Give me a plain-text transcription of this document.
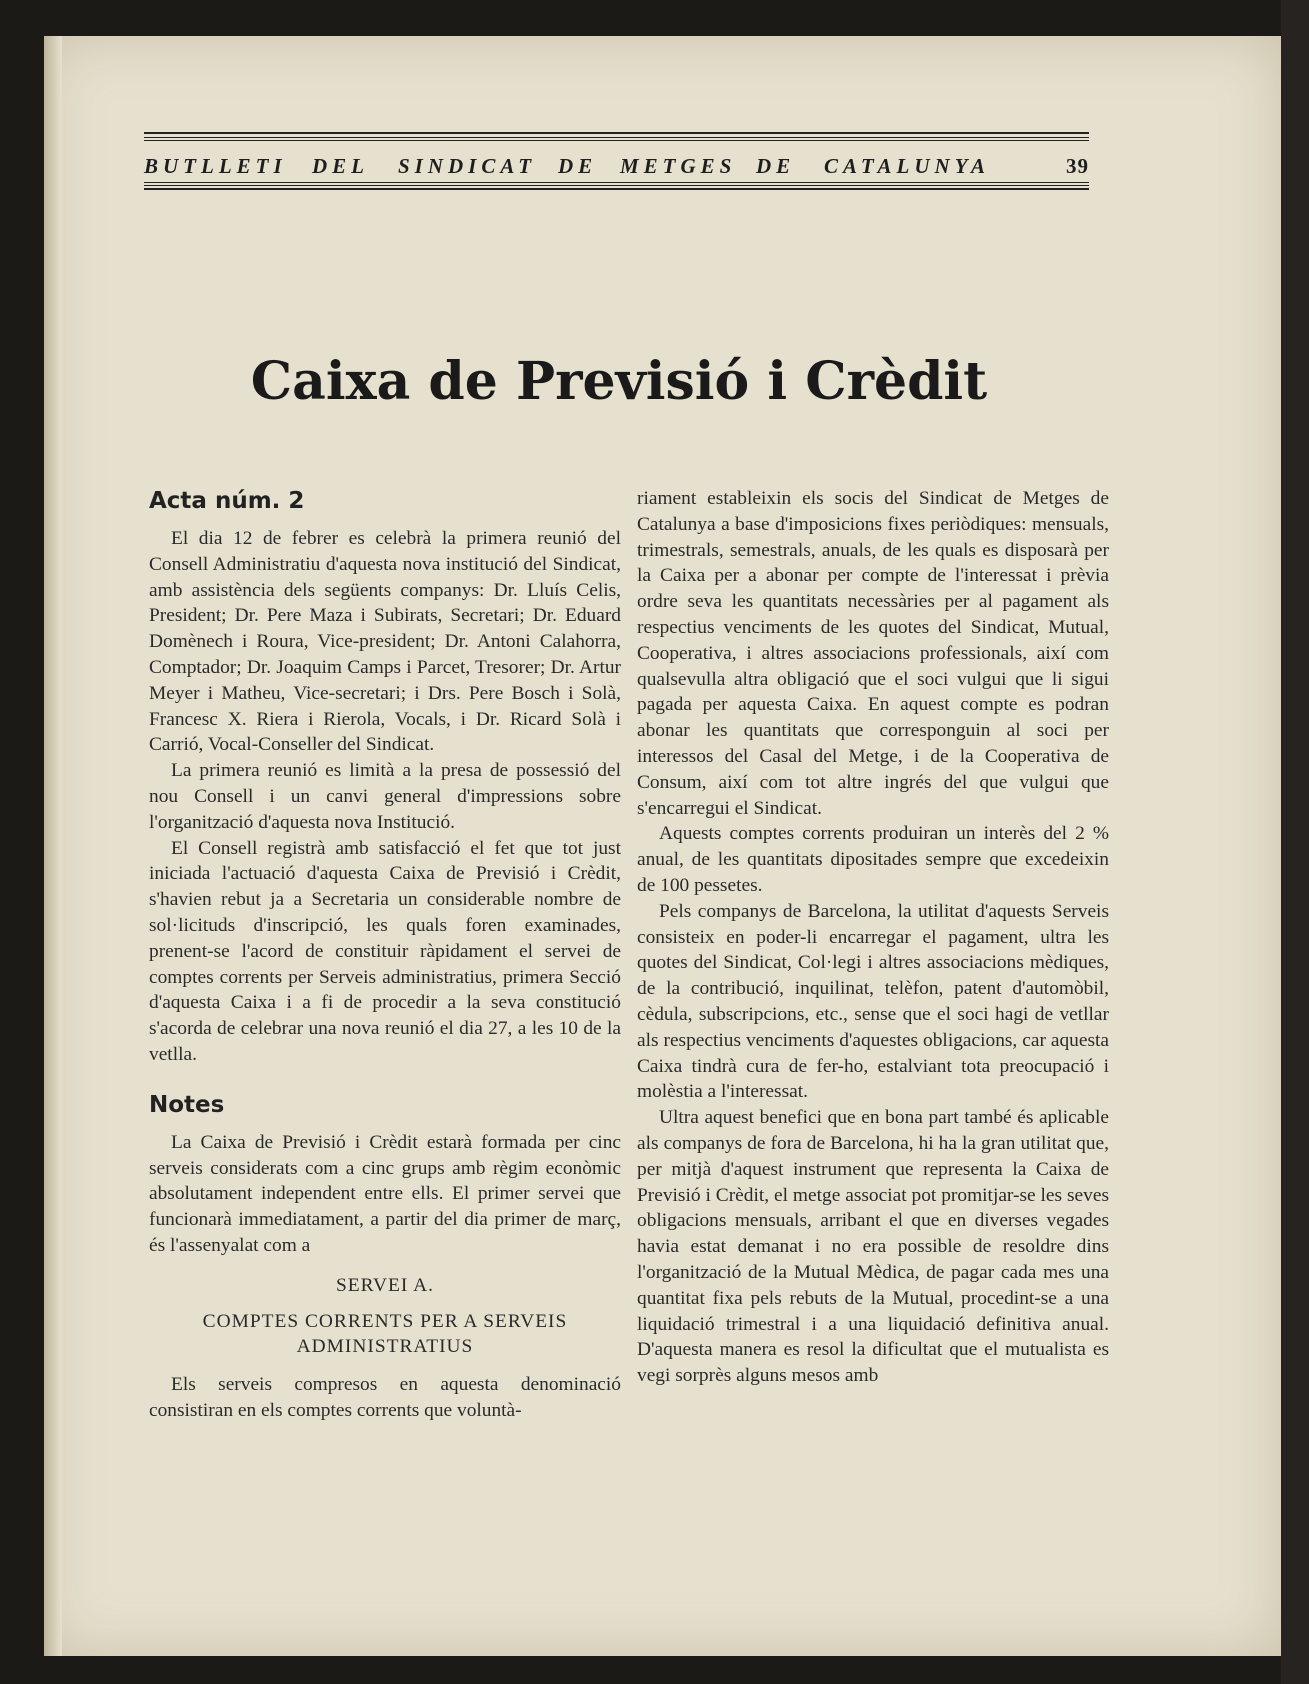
BUTLLETI DEL SINDICAT DE METGES DE CATALUNYA	39
Caixa de Previsió i Crèdit
Acta núm. 2

El dia 12 de febrer es celebrà la primera reunió del Consell Administratiu d'aquesta nova institució del Sindicat, amb assistència dels següents companys: Dr. Lluís Celis, President; Dr. Pere Maza i Subirats, Secretari; Dr. Eduard Domènech i Roura, Vice-president; Dr. Antoni Calahorra, Comptador; Dr. Joaquim Camps i Parcet, Tresorer; Dr. Artur Meyer i Matheu, Vice-secretari; i Drs. Pere Bosch i Solà, Francesc X. Riera i Rierola, Vocals, i Dr. Ricard Solà i Carrió, Vocal-Conseller del Sindicat.

La primera reunió es limità a la presa de possessió del nou Consell i un canvi general d'impressions sobre l'organització d'aquesta nova Institució.

El Consell registrà amb satisfacció el fet que tot just iniciada l'actuació d'aquesta Caixa de Previsió i Crèdit, s'havien rebut ja a Secretaria un considerable nombre de sol·licituds d'inscripció, les quals foren examinades, prenent-se l'acord de constituir ràpidament el servei de comptes corrents per Serveis administratius, primera Secció d'aquesta Caixa i a fi de procedir a la seva constitució s'acorda de celebrar una nova reunió el dia 27, a les 10 de la vetlla.

Notes

La Caixa de Previsió i Crèdit estarà formada per cinc serveis considerats com a cinc grups amb règim econòmic absolutament independent entre ells. El primer servei que funcionarà immediatament, a partir del dia primer de març, és l'assenyalat com a

SERVEI A.

COMPTES CORRENTS PER A SERVEIS ADMINISTRATIUS

Els serveis compresos en aquesta denominació consistiran en els comptes corrents que voluntà-

riament estableixin els socis del Sindicat de Metges de Catalunya a base d'imposicions fixes periòdiques: mensuals, trimestrals, semestrals, anuals, de les quals es disposarà per la Caixa per a abonar per compte de l'interessat i prèvia ordre seva les quantitats necessàries per al pagament als respectius venciments de les quotes del Sindicat, Mutual, Cooperativa, i altres associacions professionals, així com qualsevulla altra obligació que el soci vulgui que li sigui pagada per aquesta Caixa. En aquest compte es podran abonar les quantitats que corresponguin al soci per interessos del Casal del Metge, i de la Cooperativa de Consum, així com tot altre ingrés del que vulgui que s'encarregui el Sindicat.

Aquests comptes corrents produiran un interès del 2 % anual, de les quantitats dipositades sempre que excedeixin de 100 pessetes.

Pels companys de Barcelona, la utilitat d'aquests Serveis consisteix en poder-li encarregar el pagament, ultra les quotes del Sindicat, Col·legi i altres associacions mèdiques, de la contribució, inquilinat, telèfon, patent d'automòbil, cèdula, subscripcions, etc., sense que el soci hagi de vetllar als respectius venciments d'aquestes obligacions, car aquesta Caixa tindrà cura de fer-ho, estalviant tota preocupació i molèstia a l'interessat.

Ultra aquest benefici que en bona part també és aplicable als companys de fora de Barcelona, hi ha la gran utilitat que, per mitjà d'aquest instrument que representa la Caixa de Previsió i Crèdit, el metge associat pot promitjar-se les seves obligacions mensuals, arribant el que en diverses vegades havia estat demanat i no era possible de resoldre dins l'organització de la Mutual Mèdica, de pagar cada mes una quantitat fixa pels rebuts de la Mutual, procedint-se a una liquidació trimestral i a una liquidació definitiva anual. D'aquesta manera es resol la dificultat que el mutualista es vegi sorprès alguns mesos amb
